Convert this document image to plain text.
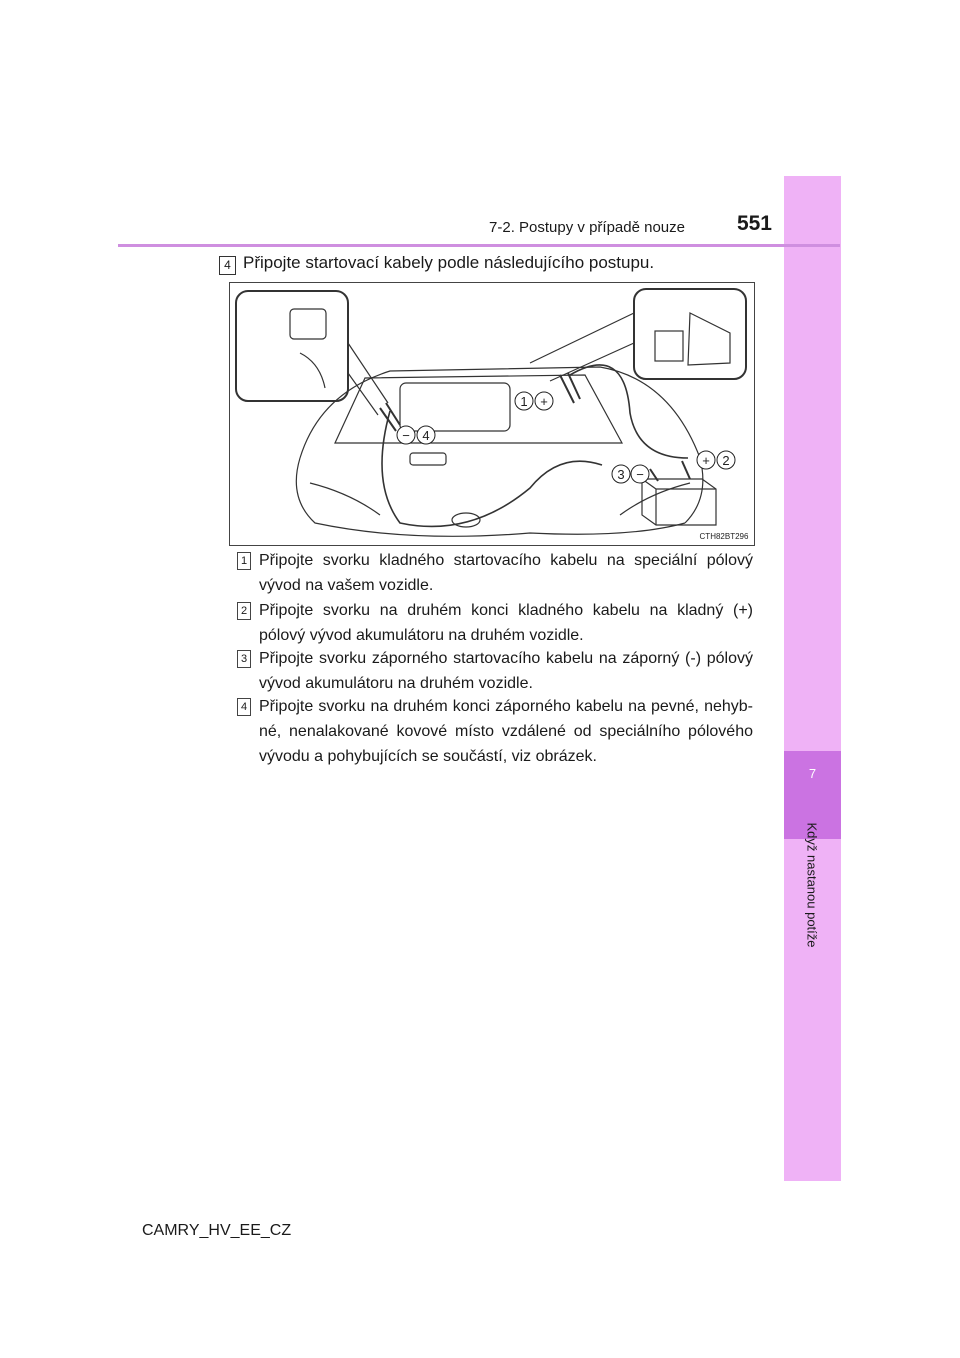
7
Když nastanou potíže
7-2. Postupy v případě nouze	551
4 Připojte startovací kabely podle následujícího postupu.
1 +
2
+
3 −
4
−
CTH82BT296
1 Připojte svorku kladného startovacího kabelu na speciální pólový vývod na vašem vozidle.
2 Připojte svorku na druhém konci kladného kabelu na kladný (+) pólový vývod akumulátoru na druhém vozidle.
3 Připojte svorku záporného startovacího kabelu na záporný (-) pólový vývod akumulátoru na druhém vozidle.
4 Připojte svorku na druhém konci záporného kabelu na pevné, nehyb-né, nenalakované kovové místo vzdálené od speciálního pólového vývodu a pohybujících se součástí, viz obrázek.
CAMRY_HV_EE_CZ
